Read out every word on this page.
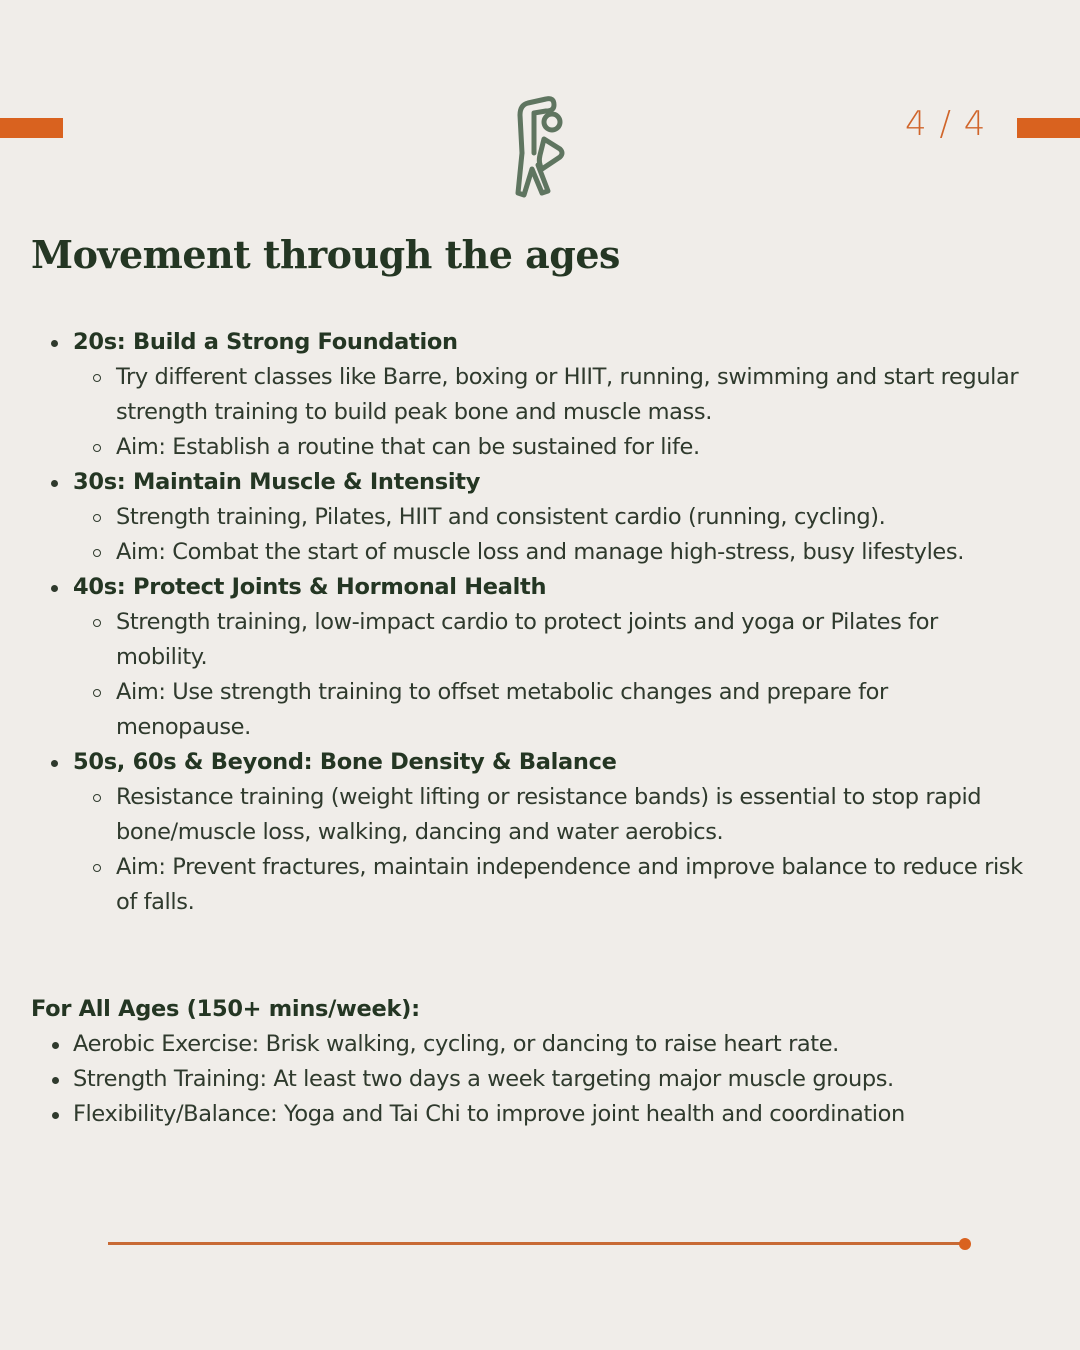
4 / 4
Movement through the ages
20s: Build a Strong Foundation
Try different classes like Barre, boxing or HIIT, running, swimming and start regular strength training to build peak bone and muscle mass.
Aim: Establish a routine that can be sustained for life.
30s: Maintain Muscle & Intensity
Strength training, Pilates, HIIT and consistent cardio (running, cycling).
Aim: Combat the start of muscle loss and manage high-stress, busy lifestyles.
40s: Protect Joints & Hormonal Health
Strength training, low-impact cardio to protect joints and yoga or Pilates for mobility.
Aim: Use strength training to offset metabolic changes and prepare for menopause.
50s, 60s & Beyond: Bone Density & Balance
Resistance training (weight lifting or resistance bands) is essential to stop rapid bone/muscle loss, walking, dancing and water aerobics.
Aim: Prevent fractures, maintain independence and improve balance to reduce risk of falls.
For All Ages (150+ mins/week):
Aerobic Exercise: Brisk walking, cycling, or dancing to raise heart rate.
Strength Training: At least two days a week targeting major muscle groups.
Flexibility/Balance: Yoga and Tai Chi to improve joint health and coordination
